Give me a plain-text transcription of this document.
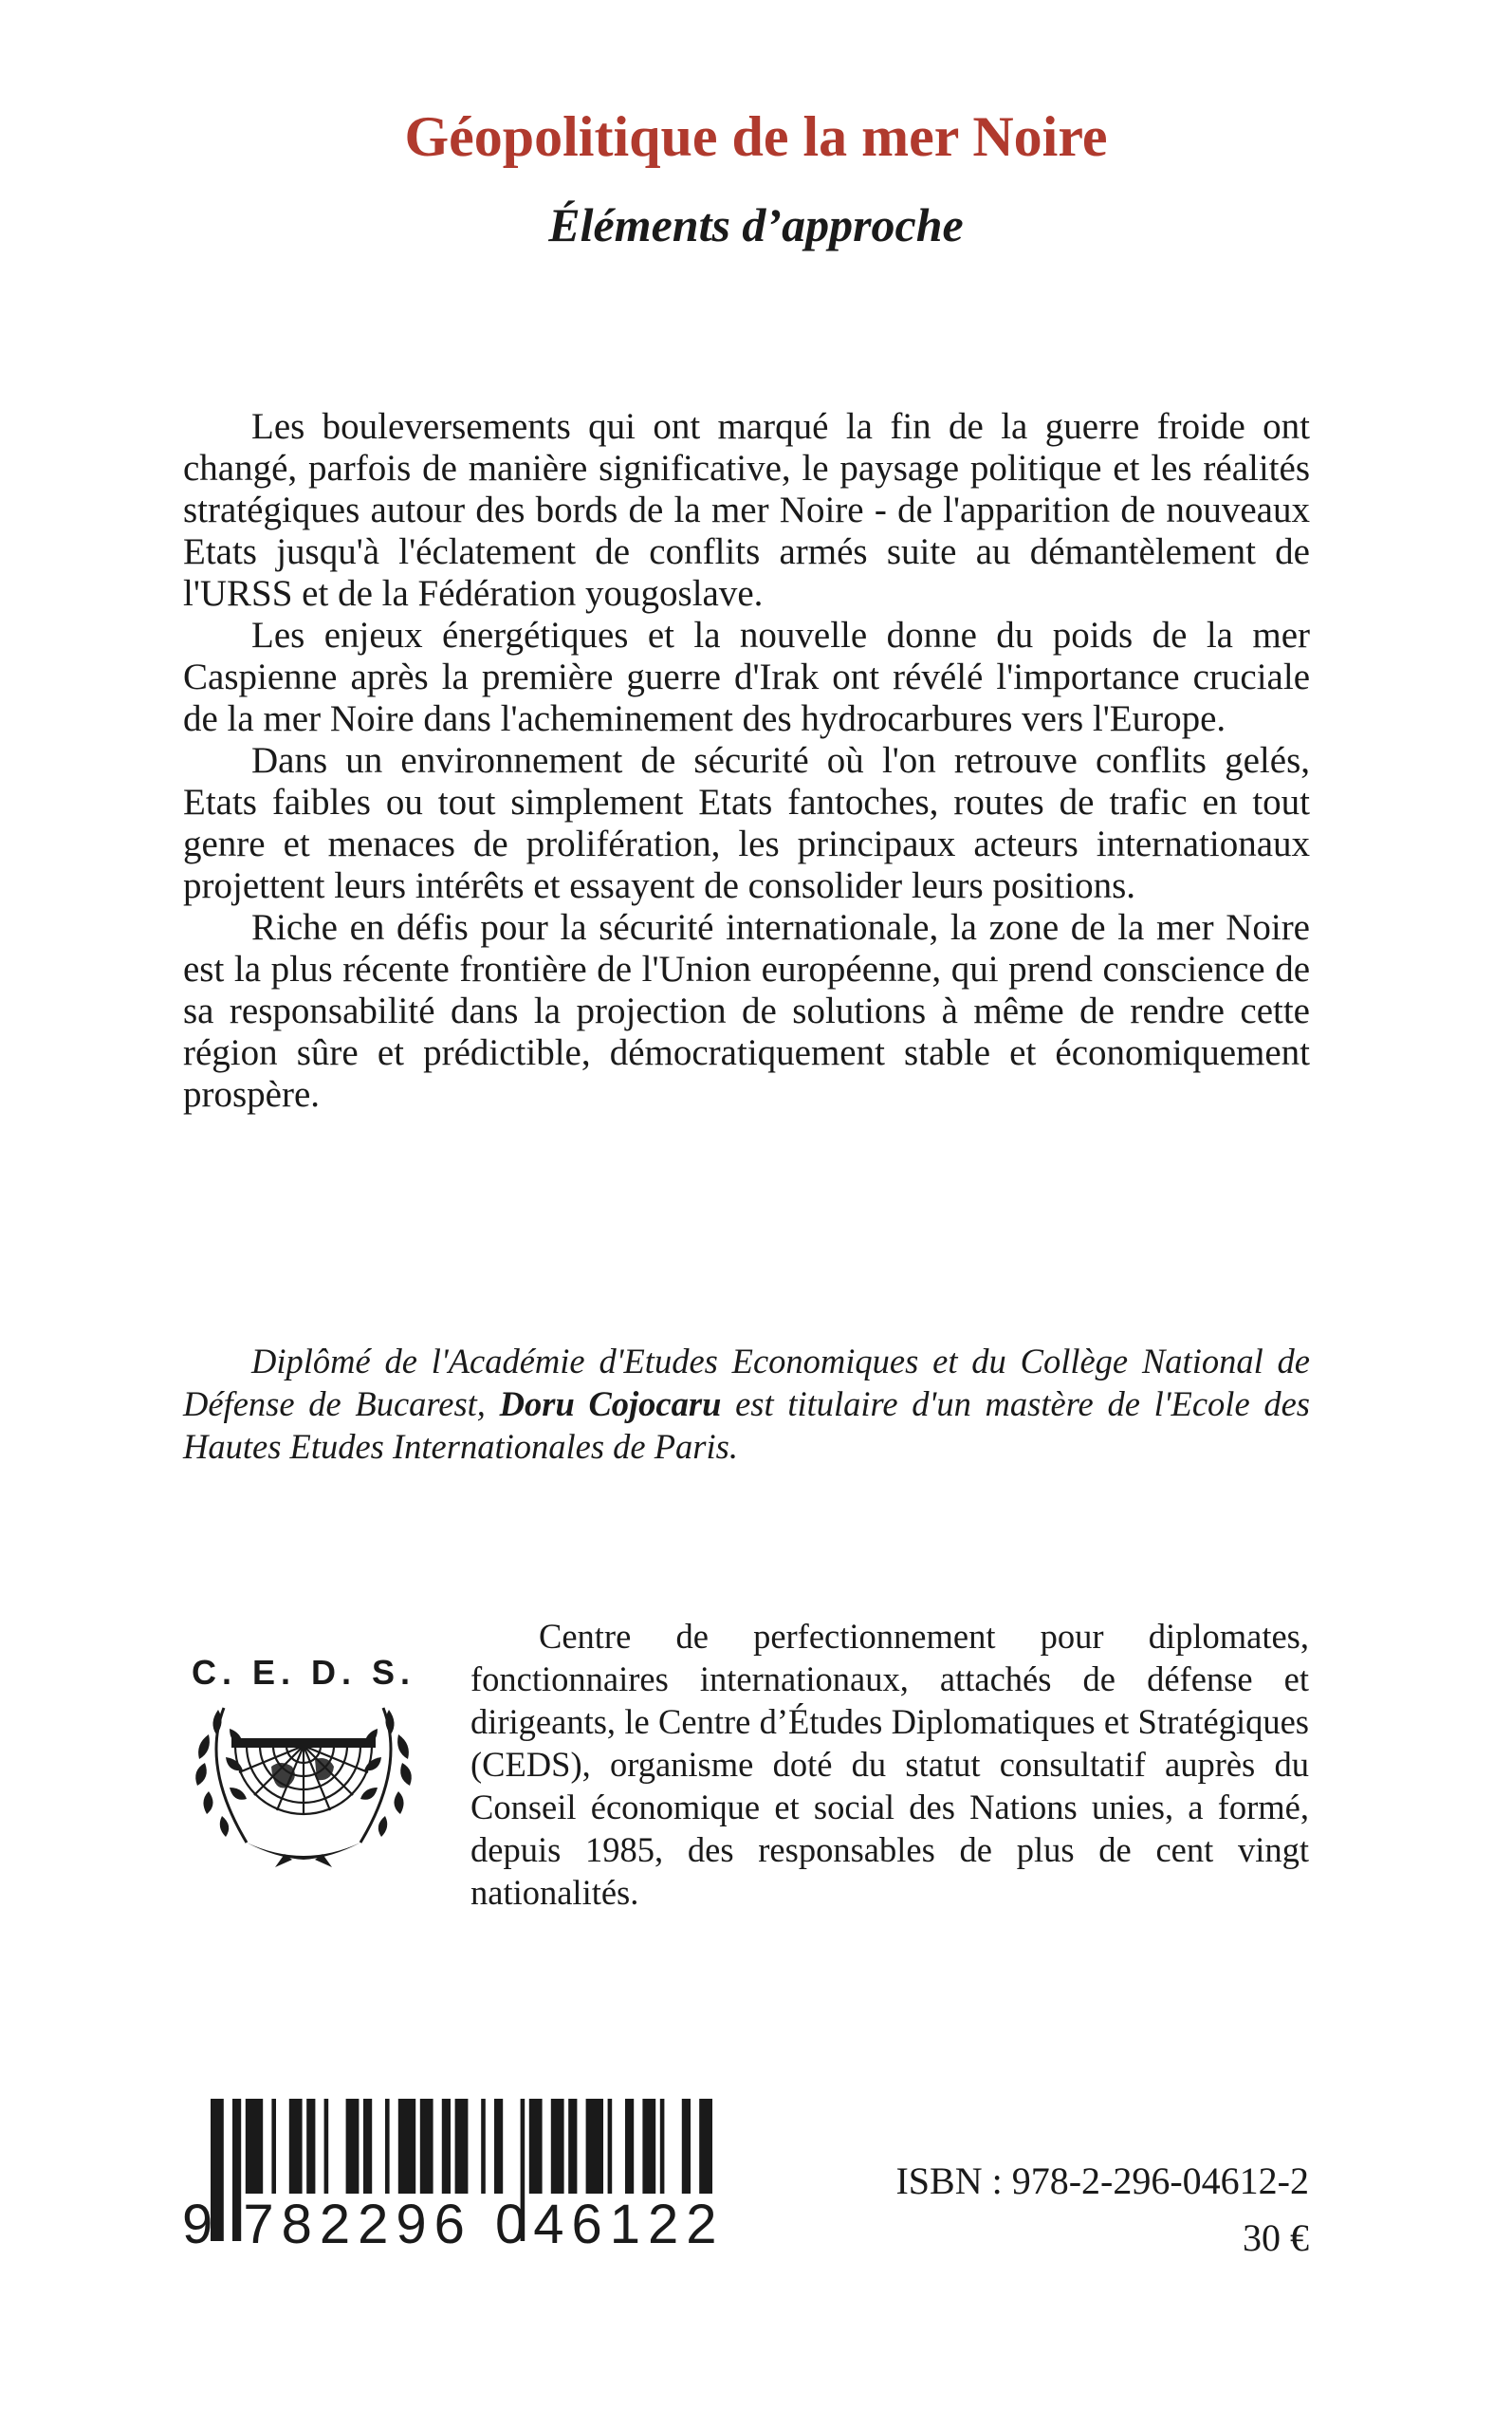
Géopolitique de la mer Noire
Éléments d’approche

Les bouleversements qui ont marqué la fin de la guerre froide ont changé, parfois de manière significative, le paysage politique et les réalités stratégiques autour des bords de la mer Noire - de l'apparition de nouveaux Etats jusqu'à l'éclatement de conflits armés suite au démantèlement de l'URSS et de la Fédération yougoslave.

Les enjeux énergétiques et la nouvelle donne du poids de la mer Caspienne après la première guerre d'Irak ont révélé l'importance cruciale de la mer Noire dans l'acheminement des hydrocarbures vers l'Europe.

Dans un environnement de sécurité où l'on retrouve conflits gelés, Etats faibles ou tout simplement Etats fantoches, routes de trafic en tout genre et menaces de prolifération, les principaux acteurs internationaux projettent leurs intérêts et essayent de consolider leurs positions.

Riche en défis pour la sécurité internationale, la zone de la mer Noire est la plus récente frontière de l'Union européenne, qui prend conscience de sa responsabilité dans la projection de solutions à même de rendre cette région sûre et prédictible, démocratiquement stable et économiquement prospère.

Diplômé de l'Académie d'Etudes Economiques et du Collège National de Défense de Bucarest, Doru Cojocaru est titulaire d'un mastère de l'Ecole des Hautes Etudes Internationales de Paris.

C. E. D. S.

Centre de perfectionnement pour diplomates, fonctionnaires internationaux, attachés de défense et dirigeants, le Centre d’Études Diplomatiques et Stratégiques (CEDS), organisme doté du statut consultatif auprès du Conseil économique et social des Nations unies, a formé, depuis 1985, des responsables de plus de cent vingt nationalités.

9 782296 046122
ISBN : 978-2-296-04612-2
30 €
